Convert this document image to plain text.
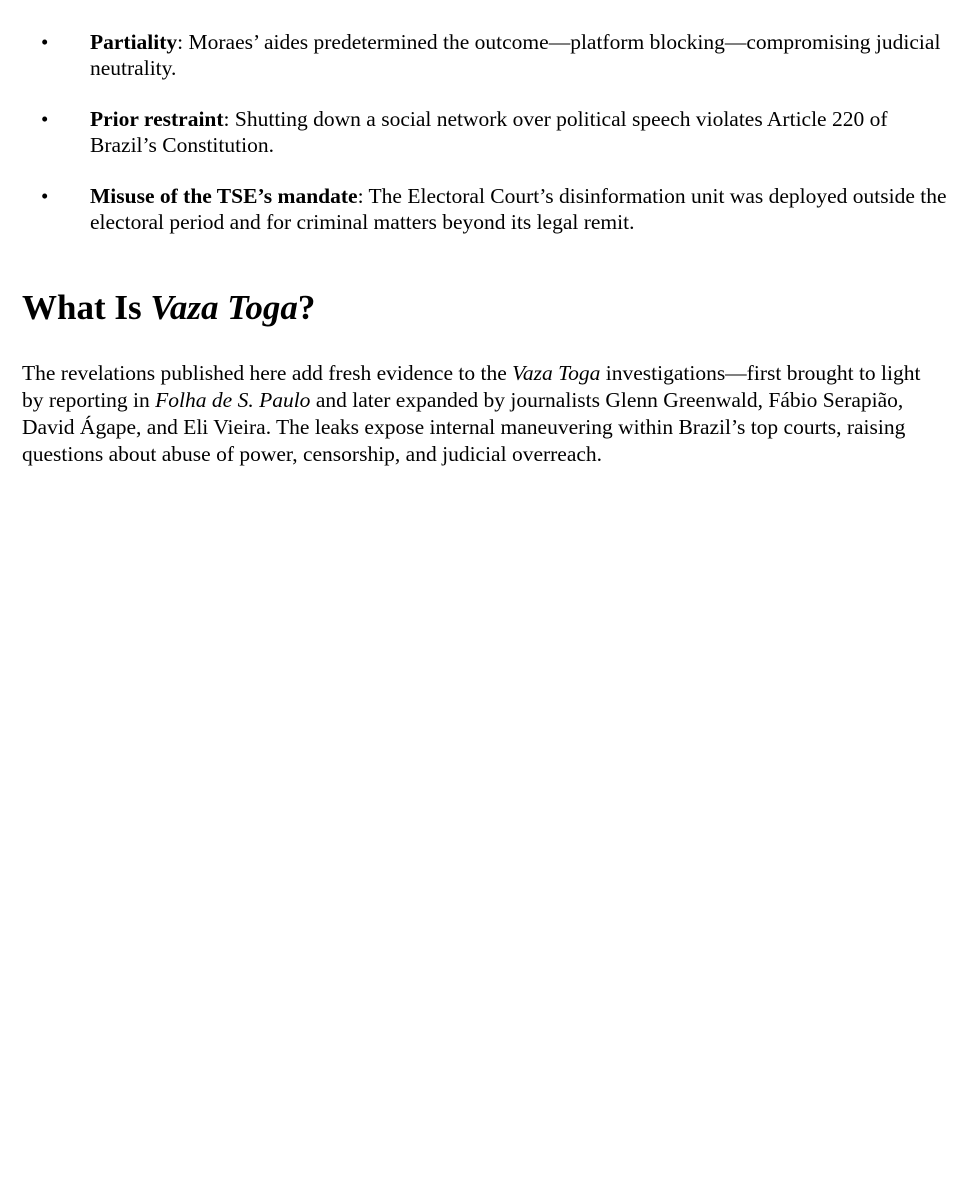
• Partiality: Moraes’ aides predetermined the outcome—platform blocking—compromising judicial neutrality.
• Prior restraint: Shutting down a social network over political speech violates Article 220 of Brazil’s Constitution.
• Misuse of the TSE’s mandate: The Electoral Court’s disinformation unit was deployed outside the electoral period and for criminal matters beyond its legal remit.
What Is Vaza Toga?

The revelations published here add fresh evidence to the Vaza Toga investigations—first brought to light by reporting in Folha de S. Paulo and later expanded by journalists Glenn Greenwald, Fábio Serapião, David Ágape, and Eli Vieira. The leaks expose internal maneuvering within Brazil’s top courts, raising questions about abuse of power, censorship, and judicial overreach.
